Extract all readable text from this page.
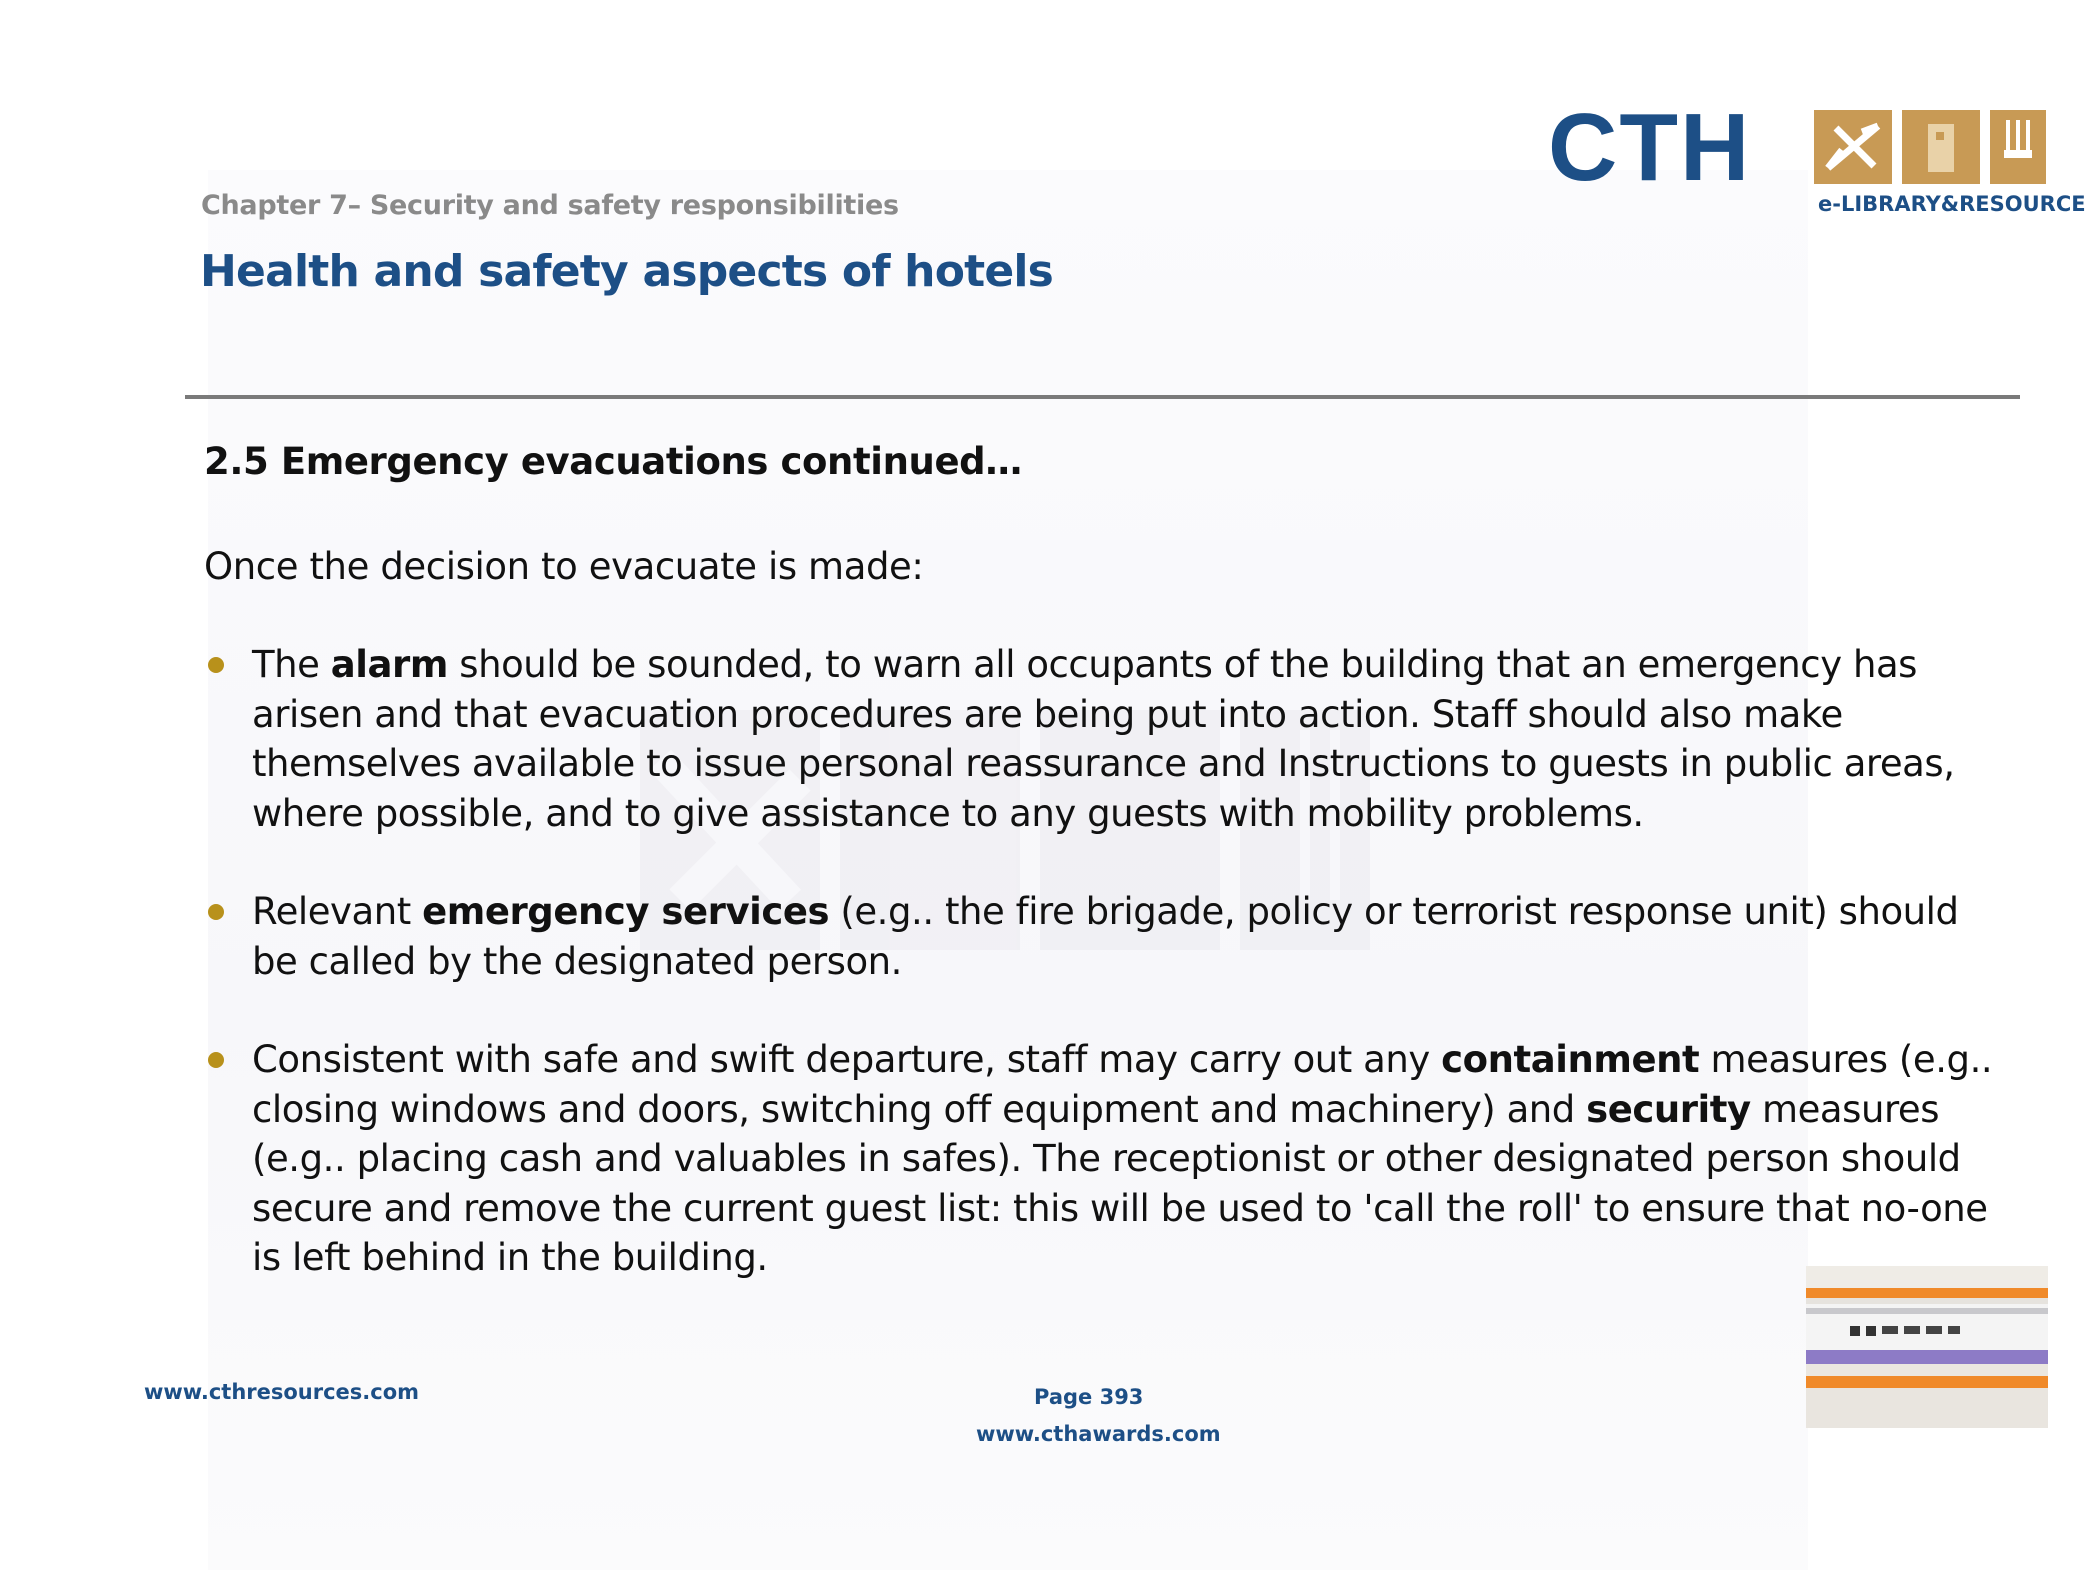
Chapter 7– Security and safety responsibilities
Health and safety aspects of hotels
CTH
e-LIBRARY&RESOURCE
2.5 Emergency evacuations continued…
Once the decision to evacuate is made:
The alarm should be sounded, to warn all occupants of the building that an emergency has arisen and that evacuation procedures are being put into action. Staff should also make themselves available to issue personal reassurance and Instructions to guests in public areas, where possible, and to give assistance to any guests with mobility problems.
Relevant emergency services (e.g.. the fire brigade, policy or terrorist response unit) should be called by the designated person.
Consistent with safe and swift departure, staff may carry out any containment measures (e.g.. closing windows and doors, switching off equipment and machinery) and security measures (e.g.. placing cash and valuables in safes). The receptionist or other designated person should secure and remove the current guest list: this will be used to 'call the roll' to ensure that no-one is left behind in the building.
www.cthresources.com	Page 393
www.cthawards.com
